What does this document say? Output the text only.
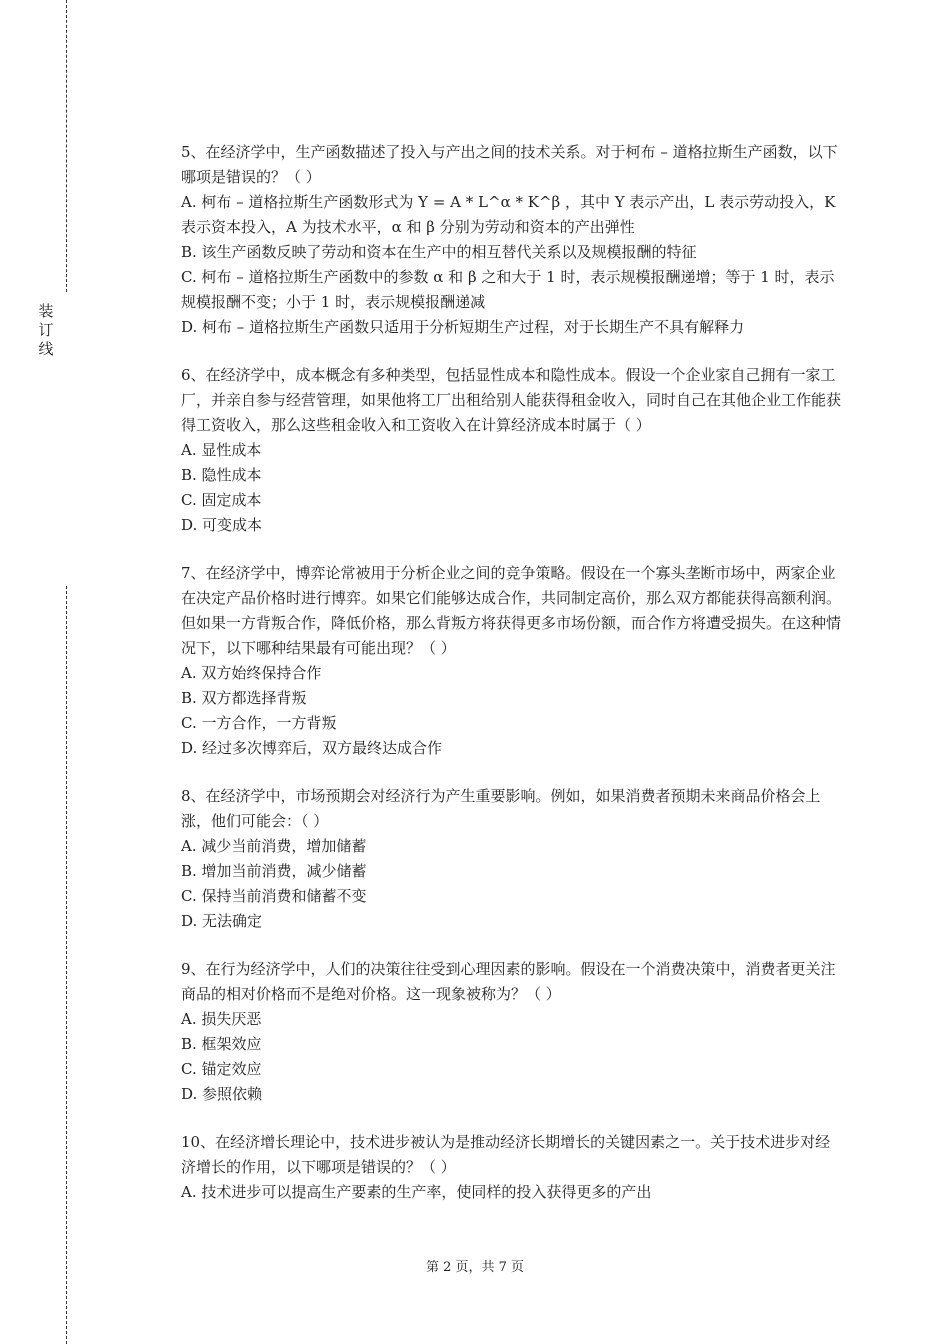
装订线

5、在经济学中，生产函数描述了投入与产出之间的技术关系。对于柯布 – 道格拉斯生产函数，以下哪项是错误的？（ ）

A. 柯布 – 道格拉斯生产函数形式为 Y = A * L^α * K^β ，其中 Y 表示产出，L 表示劳动投入，K 表示资本投入，A 为技术水平，α 和 β 分别为劳动和资本的产出弹性

B. 该生产函数反映了劳动和资本在生产中的相互替代关系以及规模报酬的特征

C. 柯布 – 道格拉斯生产函数中的参数 α 和 β 之和大于 1 时，表示规模报酬递增；等于 1 时，表示规模报酬不变；小于 1 时，表示规模报酬递减

D. 柯布 – 道格拉斯生产函数只适用于分析短期生产过程，对于长期生产不具有解释力

6、在经济学中，成本概念有多种类型，包括显性成本和隐性成本。假设一个企业家自己拥有一家工厂，并亲自参与经营管理，如果他将工厂出租给别人能获得租金收入，同时自己在其他企业工作能获得工资收入，那么这些租金收入和工资收入在计算经济成本时属于（ ）

A. 显性成本

B. 隐性成本

C. 固定成本

D. 可变成本

7、在经济学中，博弈论常被用于分析企业之间的竞争策略。假设在一个寡头垄断市场中，两家企业在决定产品价格时进行博弈。如果它们能够达成合作，共同制定高价，那么双方都能获得高额利润。但如果一方背叛合作，降低价格，那么背叛方将获得更多市场份额，而合作方将遭受损失。在这种情况下，以下哪种结果最有可能出现？（ ）

A. 双方始终保持合作

B. 双方都选择背叛

C. 一方合作，一方背叛

D. 经过多次博弈后，双方最终达成合作

8、在经济学中，市场预期会对经济行为产生重要影响。例如，如果消费者预期未来商品价格会上涨，他们可能会：（ ）

A. 减少当前消费，增加储蓄

B. 增加当前消费，减少储蓄

C. 保持当前消费和储蓄不变

D. 无法确定

9、在行为经济学中，人们的决策往往受到心理因素的影响。假设在一个消费决策中，消费者更关注商品的相对价格而不是绝对价格。这一现象被称为？（ ）

A. 损失厌恶

B. 框架效应

C. 锚定效应

D. 参照依赖

10、在经济增长理论中，技术进步被认为是推动经济长期增长的关键因素之一。关于技术进步对经济增长的作用，以下哪项是错误的？（ ）

A. 技术进步可以提高生产要素的生产率，使同样的投入获得更多的产出

第 2 页，共 7 页
